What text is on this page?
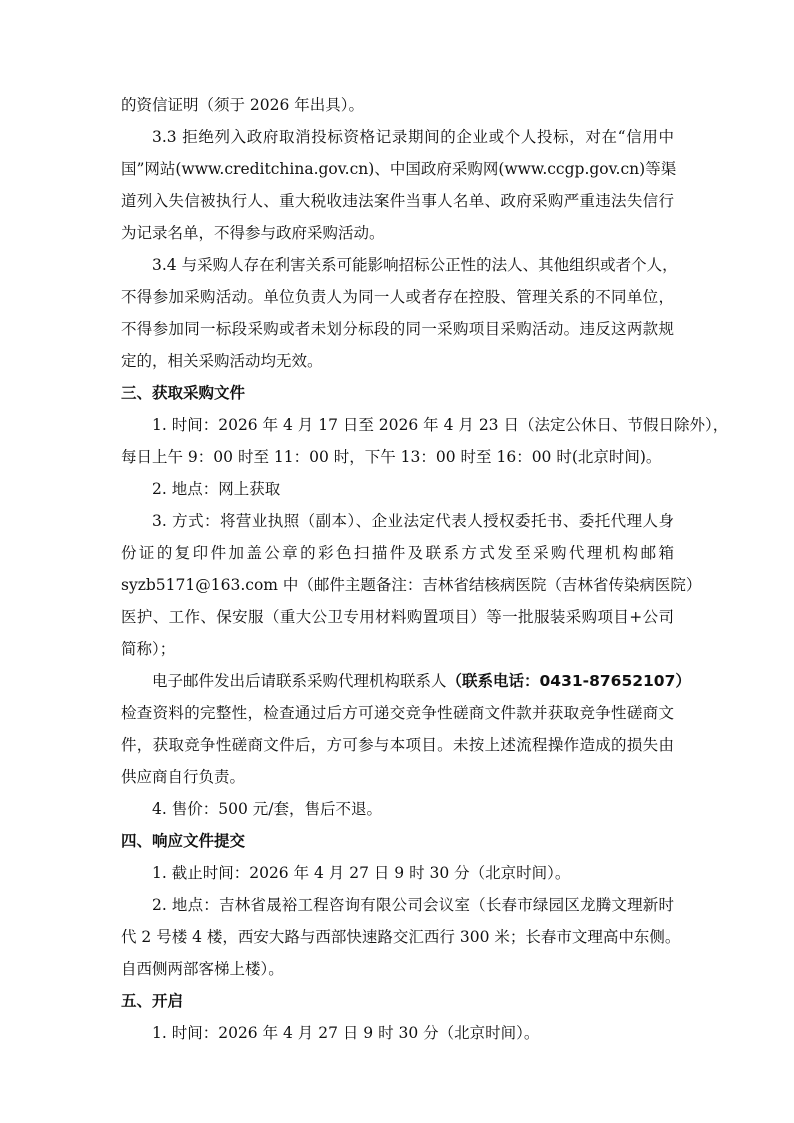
的资信证明（须于 2026 年出具）。
3.3 拒绝列入政府取消投标资格记录期间的企业或个人投标，对在“信用中
国”网站(www.creditchina.gov.cn)、中国政府采购网(www.ccgp.gov.cn)等渠
道列入失信被执行人、重大税收违法案件当事人名单、政府采购严重违法失信行
为记录名单，不得参与政府采购活动。
3.4 与采购人存在利害关系可能影响招标公正性的法人、其他组织或者个人，
不得参加采购活动。单位负责人为同一人或者存在控股、管理关系的不同单位，
不得参加同一标段采购或者未划分标段的同一采购项目采购活动。违反这两款规
定的，相关采购活动均无效。
三、获取采购文件
1. 时间：2026 年 4 月 17 日至 2026 年 4 月 23 日（法定公休日、节假日除外），
每日上午 9：00 时至 11：00 时，下午 13：00 时至 16：00 时(北京时间)。
2. 地点：网上获取
3. 方式：将营业执照（副本）、企业法定代表人授权委托书、委托代理人身
份证的复印件加盖公章的彩色扫描件及联系方式发至采购代理机构邮箱
syzb5171@163.com 中（邮件主题备注：吉林省结核病医院（吉林省传染病医院）
医护、工作、保安服（重大公卫专用材料购置项目）等一批服装采购项目+公司
简称）；
电子邮件发出后请联系采购代理机构联系人（联系电话：0431-87652107）
检查资料的完整性，检查通过后方可递交竞争性磋商文件款并获取竞争性磋商文
件，获取竞争性磋商文件后，方可参与本项目。未按上述流程操作造成的损失由
供应商自行负责。
4. 售价：500 元/套，售后不退。
四、响应文件提交
1. 截止时间：2026 年 4 月 27 日 9 时 30 分（北京时间）。
2. 地点：吉林省晟裕工程咨询有限公司会议室（长春市绿园区龙腾文理新时
代 2 号楼 4 楼，西安大路与西部快速路交汇西行 300 米；长春市文理高中东侧。
自西侧两部客梯上楼）。
五、开启
1. 时间：2026 年 4 月 27 日 9 时 30 分（北京时间）。
